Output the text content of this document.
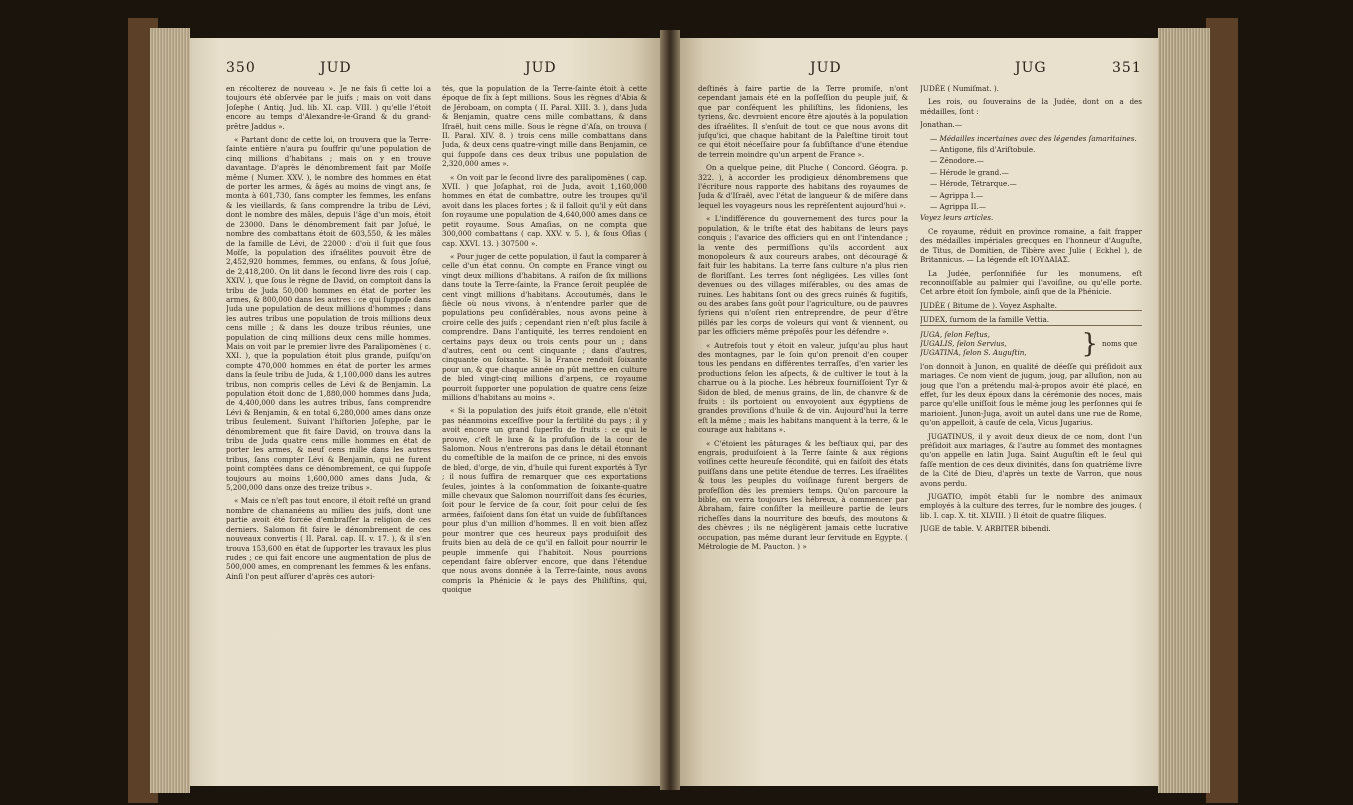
350	JUD	JUD

en récolterez de nouveau ». Je ne fais ſi cette loi a toujours été obſervée par le juifs ; mais on voit dans Joſephe ( Antiq. Jud. lib. XI. cap. VIII. ) qu'elle l'étoit encore au temps d'Alexandre-le-Grand & du grand-prêtre Jaddus ».

« Partant donc de cette loi, on trouvera que la Terre-ſainte entière n'aura pu ſouffrir qu'une population de cinq millions d'habitans ; mais on y en trouve davantage. D'après le dénombrement fait par Moïſe même ( Numer. XXV. ), le nombre des hommes en état de porter les armes, & âgés au moins de vingt ans, ſe monta à 601,730, ſans compter les femmes, les enfans & les vieillards, & ſans comprendre la tribu de Lévi, dont le nombre des mâles, depuis l'âge d'un mois, étoit de 23000. Dans le dénombrement fait par Joſué, le nombre des combattans étoit de 603,550, & les mâles de la famille de Lévi, de 22000 : d'où il ſuit que ſous Moïſe, la population des iſraélites pouvoit être de 2,452,920 hommes, femmes, ou enfans, & ſous Joſué, de 2,418,200. On lit dans le ſecond livre des rois ( cap. XXIV. ), que ſous le règne de David, on comptoit dans la tribu de Juda 50,000 hommes en état de porter les armes, & 800,000 dans les autres : ce qui ſuppoſe dans Juda une population de deux millions d'hommes ; dans les autres tribus une population de trois millions deux cens mille ; & dans les douze tribus réunies, une population de cinq millions deux cens mille hommes. Mais on voit par le premier livre des Paralipomènes ( c. XXI. ), que la population étoit plus grande, puiſqu'on compte 470,000 hommes en état de porter les armes dans la ſeule tribu de Juda, & 1,100,000 dans les autres tribus, non compris celles de Lévi & de Benjamin. La population étoit donc de 1,880,000 hommes dans Juda, de 4,400,000 dans les autres tribus, ſans comprendre Lévi & Benjamin, & en total 6,280,000 ames dans onze tribus ſeulement. Suivant l'hiſtorien Joſephe, par le dénombrement que fit faire David, on trouva dans la tribu de Juda quatre cens mille hommes en état de porter les armes, & neuf cens mille dans les autres tribus, ſans compter Lévi & Benjamin, qui ne furent point comptées dans ce dénombrement, ce qui ſuppoſe toujours au moins 1,600,000 ames dans Juda, & 5,200,000 dans onze des treize tribus ».

« Mais ce n'eſt pas tout encore, il étoit reſté un grand nombre de chananéens au milieu des juifs, dont une partie avoit été forcée d'embraſſer la religion de ces derniers. Salomon fit faire le dénombrement de ces nouveaux convertis ( II. Paral. cap. II. v. 17. ), & il s'en trouva 153,600 en état de ſupporter les travaux les plus rudes ; ce qui fait encore une augmentation de plus de 500,000 ames, en comprenant les femmes & les enfans. Ainſi l'on peut aſſurer d'après ces autori-

tés, que la population de la Terre-ſainte étoit à cette époque de ſix à ſept millions. Sous les règnes d'Abia & de Jéroboam, on compta ( II. Paral. XIII. 3. ), dans Juda & Benjamin, quatre cens mille combattans, & dans Iſraël, huit cens mille. Sous le règne d'Aſa, on trouva ( II. Paral. XIV. 8. ) trois cens mille combattans dans Juda, & deux cens quatre-vingt mille dans Benjamin, ce qui ſuppoſe dans ces deux tribus une population de 2,320,000 ames ».

« On voit par le ſecond livre des paralipomènes ( cap. XVII. ) que Joſaphat, roi de Juda, avoit 1,160,000 hommes en état de combattre, outre les troupes qu'il avoit dans les places fortes ; & il falloit qu'il y eût dans ſon royaume une population de 4,640,000 ames dans ce petit royaume. Sous Amaſias, on ne compta que 300,000 combattans ( cap. XXV. v. 5. ), & ſous Oſias ( cap. XXVI. 13. ) 307500 ».

« Pour juger de cette population, il faut la comparer à celle d'un état connu. On compte en France vingt ou vingt deux millions d'habitans. A raiſon de ſix millions dans toute la Terre-ſainte, la France ſeroit peuplée de cent vingt millions d'habitans. Accoutumés, dans le ſiècle où nous vivons, à n'entendre parler que de populations peu conſidérables, nous avons peine à croire celle des juifs ; cependant rien n'eſt plus facile à comprendre. Dans l'antiquité, les terres rendoient en certains pays deux ou trois cents pour un ; dans d'autres, cent ou cent cinquante ; dans d'autres, cinquante ou ſoixante. Si la France rendoit ſoixante pour un, & que chaque année on pût mettre en culture de bled vingt-cinq millions d'arpens, ce royaume pourroit ſupporter une population de quatre cens ſeize millions d'habitans au moins ».

« Si la population des juifs étoit grande, elle n'étoit pas néanmoins exceſſive pour la fertilité du pays ; il y avoit encore un grand ſuperflu de fruits : ce qui le prouve, c'eſt le luxe & la profuſion de la cour de Salomon. Nous n'entrerons pas dans le détail étonnant du comeſtible de la maiſon de ce prince, ni des envois de bled, d'orge, de vin, d'huile qui furent exportés à Tyr ; il nous ſuffira de remarquer que ces exportations ſeules, jointes à la conſommation de ſoixante-quatre mille chevaux que Salomon nourriſſoit dans ſes écuries, ſoit pour le ſervice de ſa cour, ſoit pour celui de ſes armées, faiſoient dans ſon état un vuide de ſubſiſtances pour plus d'un million d'hommes. Il en voit bien aſſez pour montrer que ces heureux pays produiſoit des fruits bien au delà de ce qu'il en falloit pour nourrir le peuple immenſe qui l'habitoit. Nous pourrions cependant faire obſerver encore, que dans l'étendue que nous avons donnée à la Terre-ſainte, nous avons compris la Phénicie & le pays des Philiſtins, qui, quoique

JUD	JUG	351

deſtinés à faire partie de la Terre promiſe, n'ont cependant jamais été en la poſſeſſion du peuple juif, & que par conſéquent les philiſtins, les ſidoniens, les tyriens, &c. devroient encore être ajoutés à la population des iſraélites. Il s'enſuit de tout ce que nous avons dit juſqu'ici, que chaque habitant de la Paleſtine tiroit tout ce qui étoit néceſſaire pour ſa ſubſiſtance d'une étendue de terrein moindre qu'un arpent de France ».

On a quelque peine, dit Pluche ( Concord. Géogra. p. 322. ), à accorder les prodigieux dénombremens que l'écriture nous rapporte des habitans des royaumes de Juda & d'Iſraël, avec l'état de langueur & de miſère dans lequel les voyageurs nous les repréſentent aujourd'hui ».

« L'indifférence du gouvernement des turcs pour la population, & le triſte état des habitans de leurs pays conquis ; l'avarice des officiers qui en ont l'intendance ; la vente des permiſſions qu'ils accordent aux monopoleurs & aux coureurs arabes, ont découragé & fait fuir les habitans. La terre ſans culture n'a plus rien de floriſſant. Les terres ſont négligées. Les villes ſont devenues ou des villages miſérables, ou des amas de ruines. Les habitans ſont ou des grecs ruinés & fugitifs, ou des arabes ſans goût pour l'agriculture, ou de pauvres ſyriens qui n'oſent rien entreprendre, de peur d'être pillés par les corps de voleurs qui vont & viennent, ou par les officiers même prépoſés pour les défendre ».

« Autrefois tout y étoit en valeur, juſqu'au plus haut des montagnes, par le ſoin qu'on prenoit d'en couper tous les pendans en différentes terraſſes, d'en varier les productions ſelon les aſpects, & de cultiver le tout à la charrue ou à la pioche. Les hébreux fourniſſoient Tyr & Sidon de bled, de menus grains, de lin, de chanvre & de fruits : ils portoient ou envoyoient aux égyptiens de grandes proviſions d'huile & de vin. Aujourd'hui la terre eſt la même ; mais les habitans manquent à la terre, & le courage aux habitans ».

« C'étoient les pâturages & les beſtiaux qui, par des engrais, produiſoient à la Terre ſainte & aux régions voiſines cette heureuſe fécondité, qui en faiſoit des états puiſſans dans une petite étendue de terres. Les iſraélites & tous les peuples du voiſinage furent bergers de profeſſion dès les premiers temps. Qu'on parcoure la bible, on verra toujours les hébreux, à commencer par Abraham, faire conſiſter la meilleure partie de leurs richeſſes dans la nourriture des bœufs, des moutons & des chèvres ; ils ne négligèrent jamais cette lucrative occupation, pas même durant leur ſervitude en Egypte. ( Métrologie de M. Paucton. ) »

JUDÉE ( Numiſmat. ).

Les rois, ou ſouverains de la Judée, dont on a des médailles, ſont :

Jonathan.—

— Médailles incertaines avec des légendes ſamaritaines.

— Antigone, fils d'Ariſtobule.

— Zénodore.—

— Hérode le grand.—

— Hérode, Tétrarque.—

— Agrippa I.—

— Agrippa II.—

Voyez leurs articles.

Ce royaume, réduit en province romaine, a fait frapper des médailles impériales grecques en l'honneur d'Auguſte, de Titus, de Domitien, de Tibère avec Julie ( Eckhel ), de Britannicus. — La légende eſt ΙΟΥΔΑΙΑΣ.

La Judée, perſonnifiée ſur les monumens, eſt reconnoiſſable au palmier qui l'avoiſine, ou qu'elle porte. Cet arbre étoit ſon ſymbole, ainſi que de la Phénicie.

JUDÉE ( Bitume de ). Voyez Asphalte.

JUDEX, ſurnom de la famille Vettia.

JUGA, ſelon Feſtus,
JUGALIS, ſelon Servius,
JUGATINA, ſelon S. Auguſtin,	} noms que

l'on donnoit à Junon, en qualité de déeſſe qui préſidoit aux mariages. Ce nom vient de jugum, joug, par alluſion, non au joug que l'on a prétendu mal-à-propos avoir été placé, en effet, ſur les deux époux dans la cérémonie des noces, mais parce qu'elle uniſſoit ſous le même joug les perſonnes qui ſe marioient. Junon-Juga, avoit un autel dans une rue de Rome, qu'on appelloit, à cauſe de cela, Vicus Jugarius.

JUGATINUS, il y avoit deux dieux de ce nom, dont l'un préſidoit aux mariages, & l'autre au ſommet des montagnes qu'on appelle en latin Juga. Saint Auguſtin eſt le ſeul qui faſſe mention de ces deux divinités, dans ſon quatrième livre de la Cité de Dieu, d'après un texte de Varron, que nous avons perdu.

JUGATIO, impôt établi ſur le nombre des animaux employés à la culture des terres, ſur le nombre des jouges. ( lib. I. cap. X. tit. XLVIII. ) Il étoit de quatre ſiliques.

JUGE de table. V. ARBITER bibendi.
